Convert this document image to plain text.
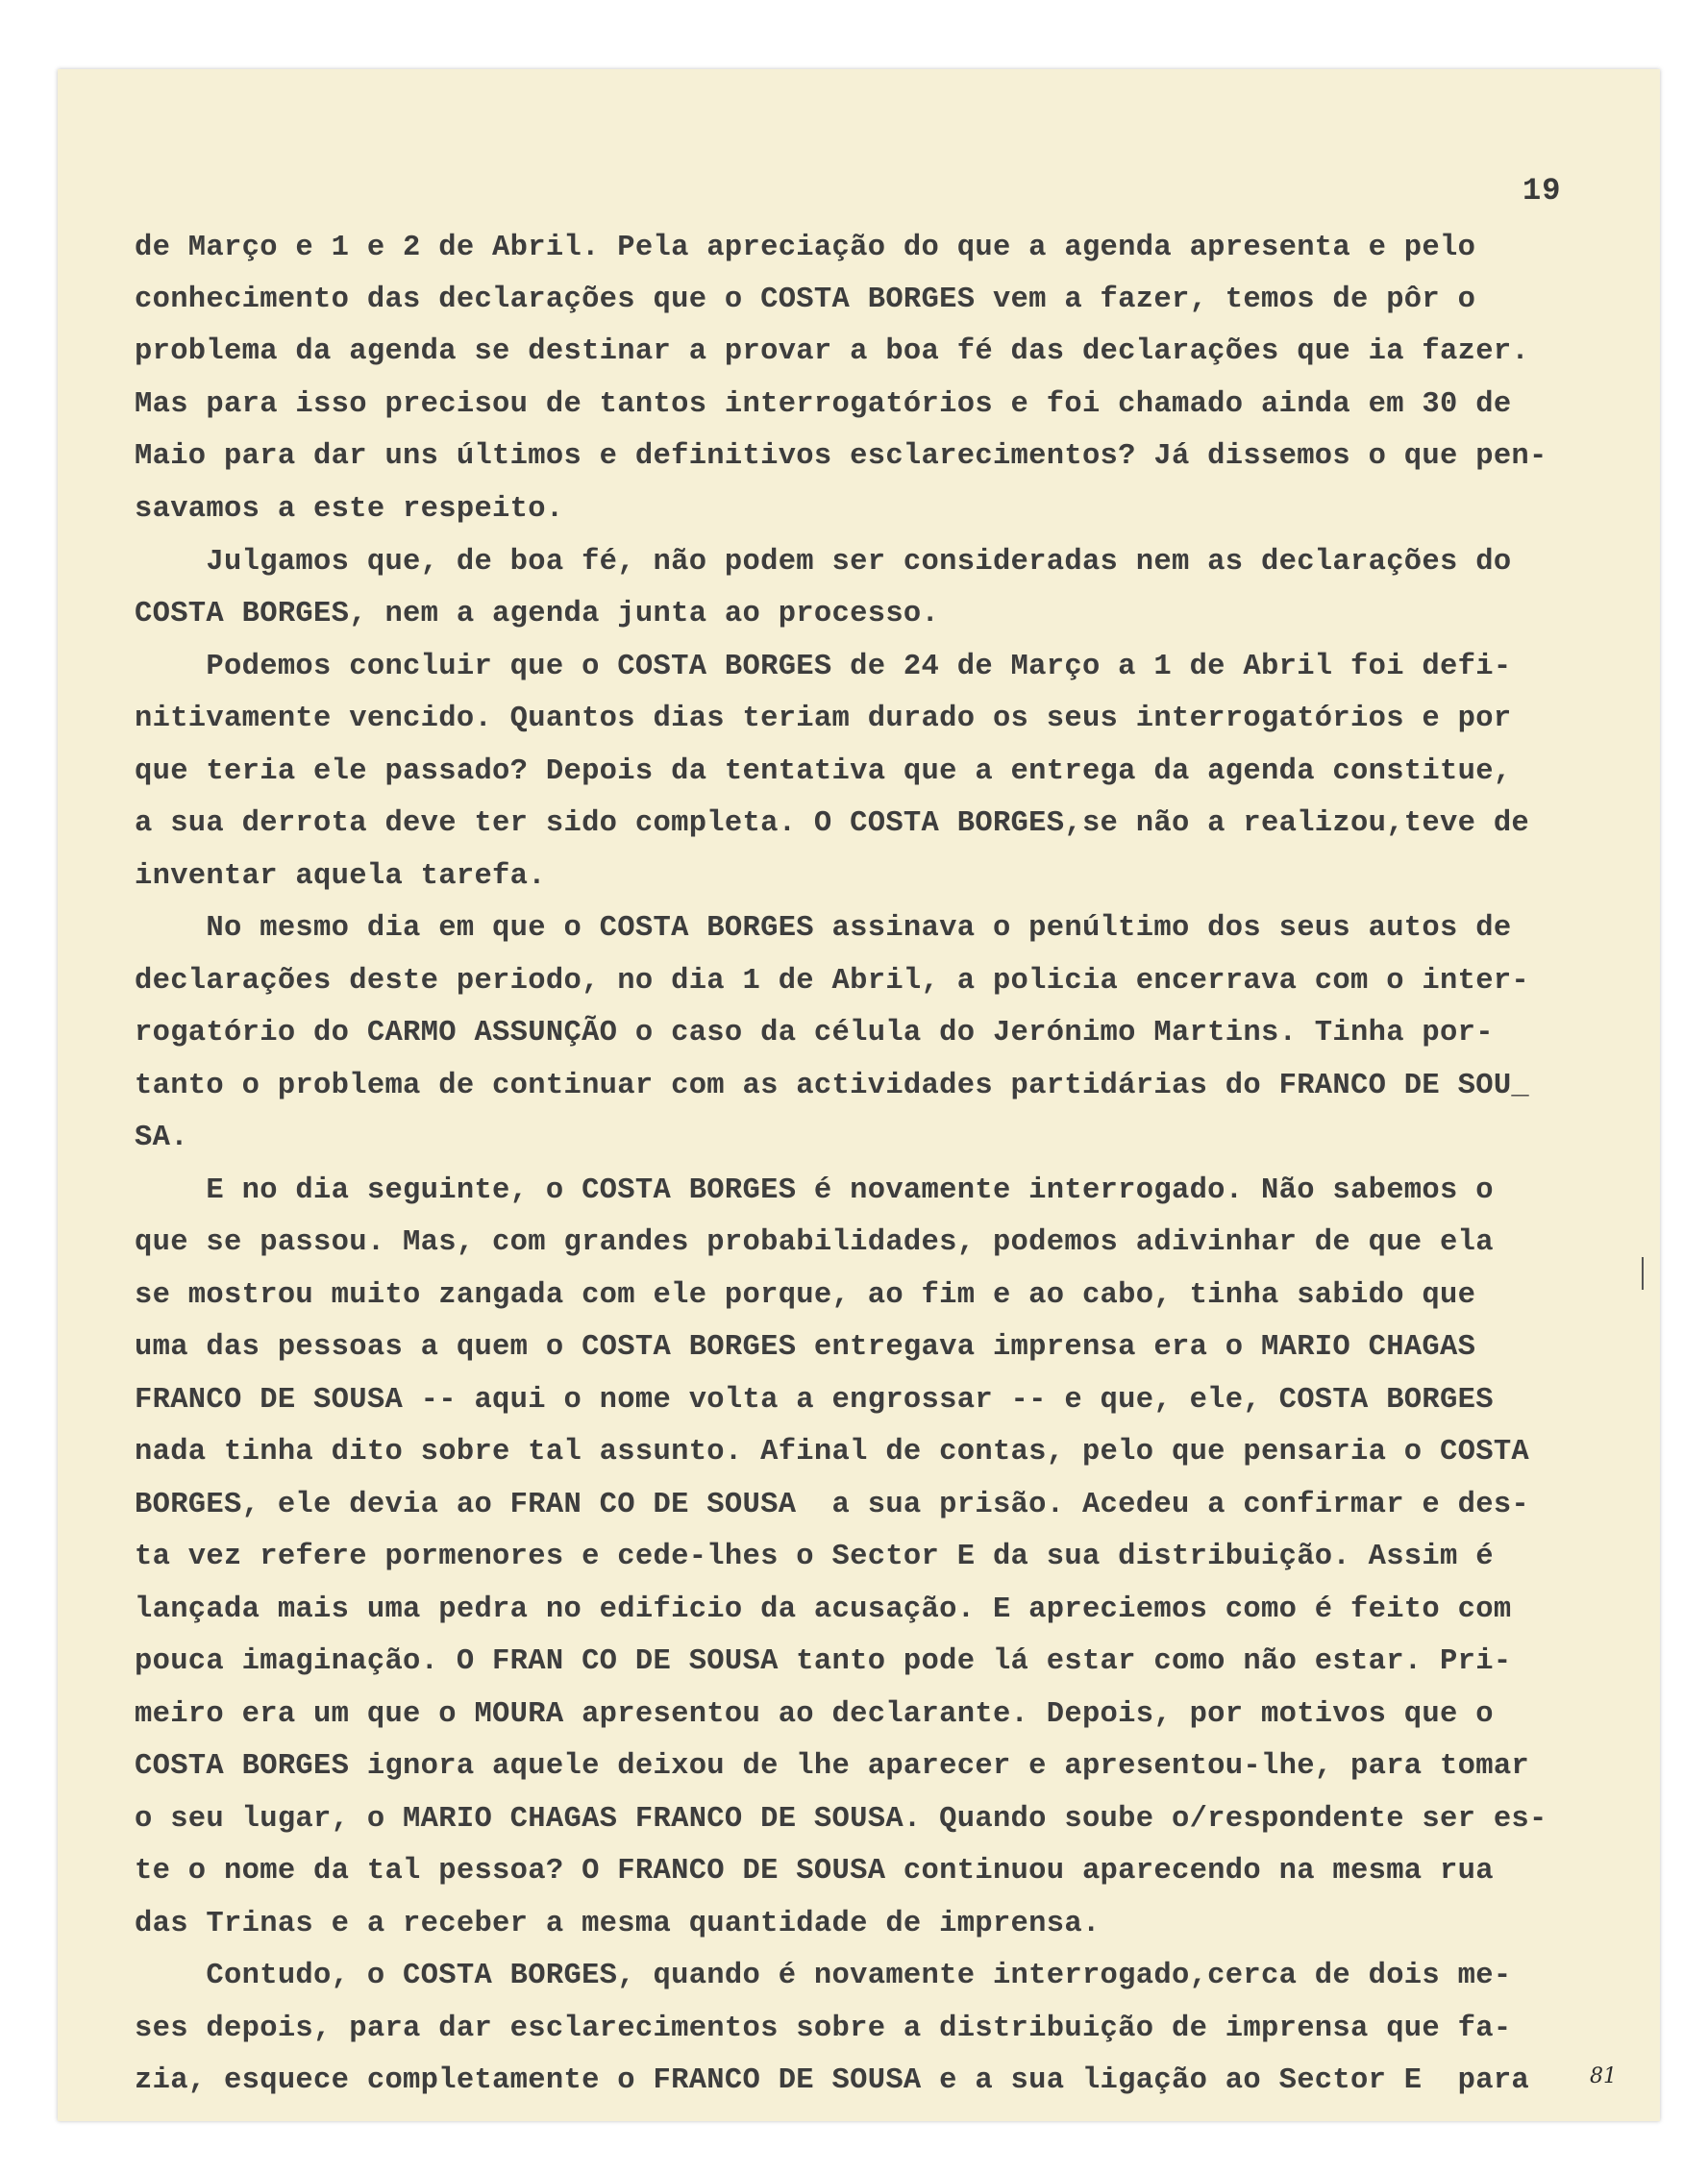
19
de Março e 1 e 2 de Abril. Pela apreciação do que a agenda apresenta e pelo
conhecimento das declarações que o COSTA BORGES vem a fazer, temos de pôr o
problema da agenda se destinar a provar a boa fé das declarações que ia fazer.
Mas para isso precisou de tantos interrogatórios e foi chamado ainda em 30 de
Maio para dar uns últimos e definitivos esclarecimentos? Já dissemos o que pen-
savamos a este respeito.
Julgamos que, de boa fé, não podem ser consideradas nem as declarações do
COSTA BORGES, nem a agenda junta ao processo.
Podemos concluir que o COSTA BORGES de 24 de Março a 1 de Abril foi defi-
nitivamente vencido. Quantos dias teriam durado os seus interrogatórios e por
que teria ele passado? Depois da tentativa que a entrega da agenda constitue,
a sua derrota deve ter sido completa. O COSTA BORGES,se não a realizou,teve de
inventar aquela tarefa.
No mesmo dia em que o COSTA BORGES assinava o penúltimo dos seus autos de
declarações deste periodo, no dia 1 de Abril, a policia encerrava com o inter-
rogatório do CARMO ASSUNÇÃO o caso da célula do Jerónimo Martins. Tinha por-
tanto o problema de continuar com as actividades partidárias do FRANCO DE SOU_
SA.
E no dia seguinte, o COSTA BORGES é novamente interrogado. Não sabemos o
que se passou. Mas, com grandes probabilidades, podemos adivinhar de que ela
se mostrou muito zangada com ele porque, ao fim e ao cabo, tinha sabido que
uma das pessoas a quem o COSTA BORGES entregava imprensa era o MARIO CHAGAS
FRANCO DE SOUSA -- aqui o nome volta a engrossar -- e que, ele, COSTA BORGES
nada tinha dito sobre tal assunto. Afinal de contas, pelo que pensaria o COSTA
BORGES, ele devia ao FRAN CO DE SOUSA  a sua prisão. Acedeu a confirmar e des-
ta vez refere pormenores e cede-lhes o Sector E da sua distribuição. Assim é
lançada mais uma pedra no edificio da acusação. E apreciemos como é feito com
pouca imaginação. O FRAN CO DE SOUSA tanto pode lá estar como não estar. Pri-
meiro era um que o MOURA apresentou ao declarante. Depois, por motivos que o
COSTA BORGES ignora aquele deixou de lhe aparecer e apresentou-lhe, para tomar
o seu lugar, o MARIO CHAGAS FRANCO DE SOUSA. Quando soube o/respondente ser es-
te o nome da tal pessoa? O FRANCO DE SOUSA continuou aparecendo na mesma rua
das Trinas e a receber a mesma quantidade de imprensa.
Contudo, o COSTA BORGES, quando é novamente interrogado,cerca de dois me-
ses depois, para dar esclarecimentos sobre a distribuição de imprensa que fa-
zia, esquece completamente o FRANCO DE SOUSA e a sua ligação ao Sector E  para	81
